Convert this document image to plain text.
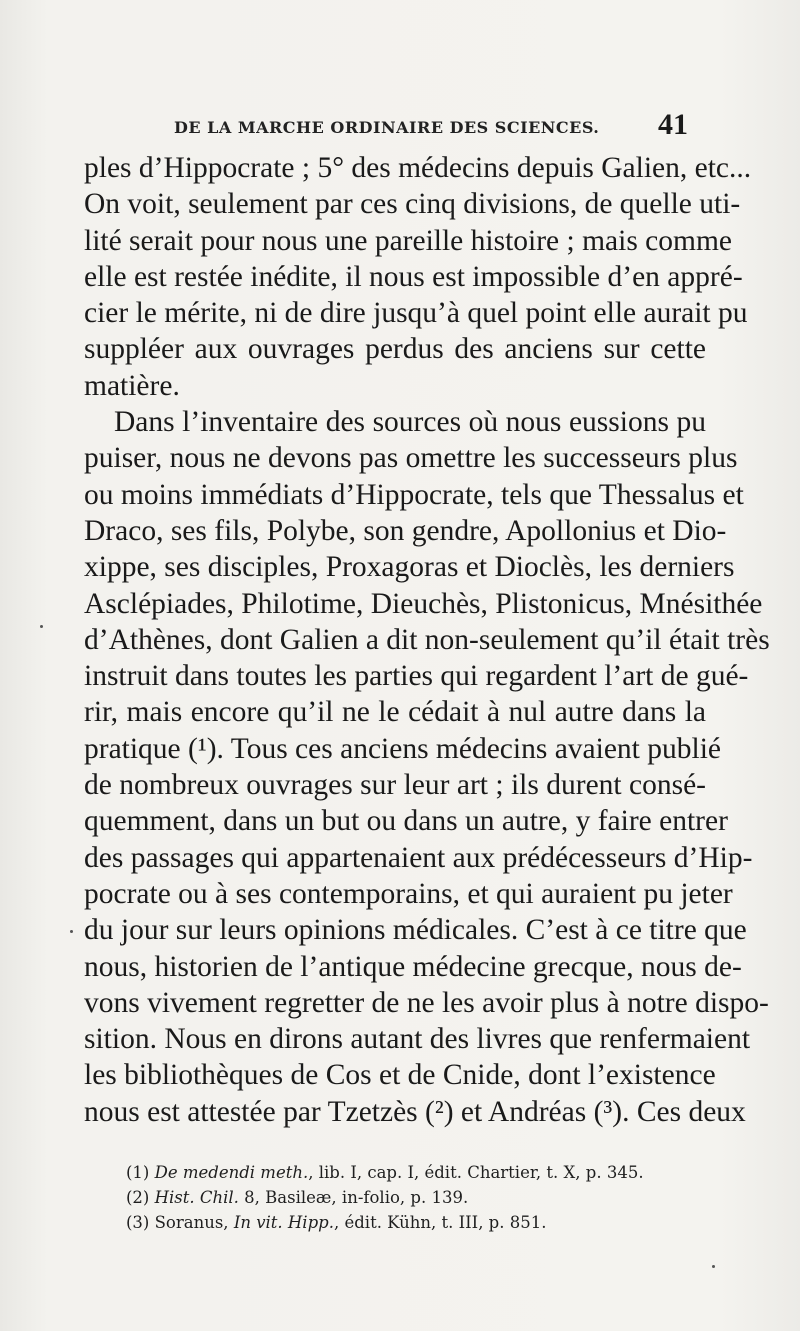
DE LA MARCHE ORDINAIRE DES SCIENCES. 41
ples d’Hippocrate ; 5° des médecins depuis Galien, etc...
On voit, seulement par ces cinq divisions, de quelle uti-
lité serait pour nous une pareille histoire ; mais comme
elle est restée inédite, il nous est impossible d’en appré-
cier le mérite, ni de dire jusqu’à quel point elle aurait pu
suppléer aux ouvrages perdus des anciens sur cette
matière.
Dans l’inventaire des sources où nous eussions pu
puiser, nous ne devons pas omettre les successeurs plus
ou moins immédiats d’Hippocrate, tels que Thessalus et
Draco, ses fils, Polybe, son gendre, Apollonius et Dio-
xippe, ses disciples, Proxagoras et Dioclès, les derniers
Asclépiades, Philotime, Dieuchès, Plistonicus, Mnésithée
d’Athènes, dont Galien a dit non-seulement qu’il était très
instruit dans toutes les parties qui regardent l’art de gué-
rir, mais encore qu’il ne le cédait à nul autre dans la
pratique (¹). Tous ces anciens médecins avaient publié
de nombreux ouvrages sur leur art ; ils durent consé-
quemment, dans un but ou dans un autre, y faire entrer
des passages qui appartenaient aux prédécesseurs d’Hip-
pocrate ou à ses contemporains, et qui auraient pu jeter
du jour sur leurs opinions médicales. C’est à ce titre que
nous, historien de l’antique médecine grecque, nous de-
vons vivement regretter de ne les avoir plus à notre dispo-
sition. Nous en dirons autant des livres que renfermaient
les bibliothèques de Cos et de Cnide, dont l’existence
nous est attestée par Tzetzès (²) et Andréas (³). Ces deux
(1) De medendi meth., lib. I, cap. I, édit. Chartier, t. X, p. 345.
(2) Hist. Chil. 8, Basileæ, in-folio, p. 139.
(3) Soranus, In vit. Hipp., édit. Kühn, t. III, p. 851.
